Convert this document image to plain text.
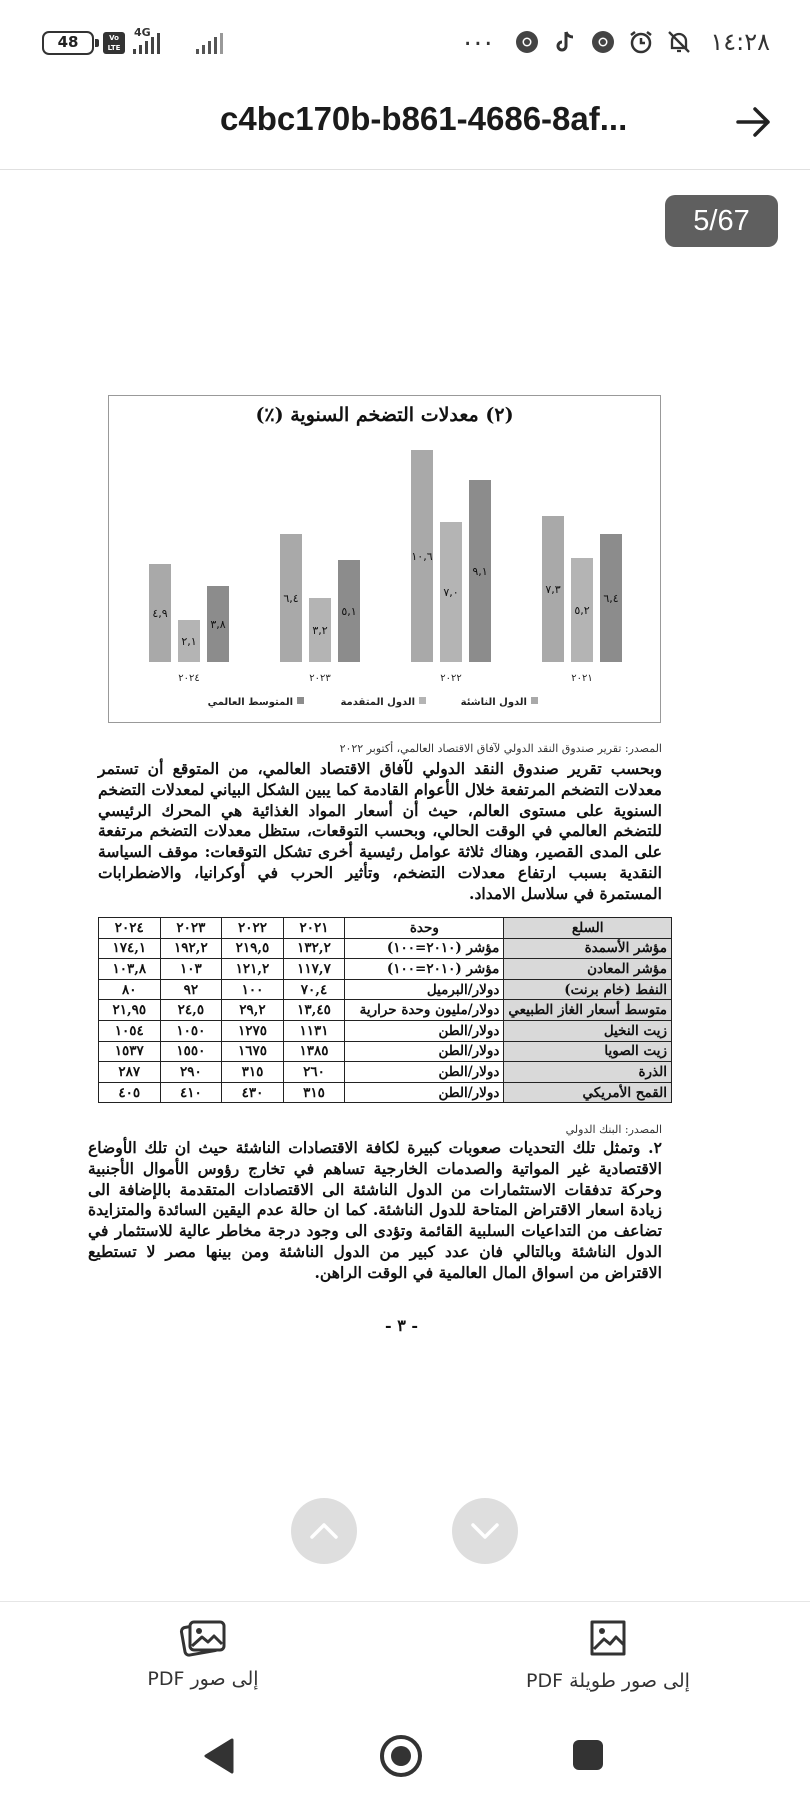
48	Vo
LTE
4G	...	١٤:٢٨
c4bc170b-b861-4686-8af...
5/67
(٢) معدلات التضخم السنوية (٪)
٤,٩
٢,١
٣,٨
٢٠٢٤
٦,٤
٣,٢
٥,١
٢٠٢٣
١٠,٦
٧,٠
٩,١
٢٠٢٢
٧,٣
٥,٢
٦,٤
٢٠٢١
الدول الناشئة
الدول المتقدمة
المتوسط العالمي
المصدر: تقرير صندوق النقد الدولي لآفاق الاقتصاد العالمي، أكتوبر ٢٠٢٢
وبحسب تقرير صندوق النقد الدولي لآفاق الاقتصاد العالمي، من المتوقع أن تستمر معدلات التضخم المرتفعة خلال الأعوام القادمة كما يبين الشكل البياني لمعدلات التضخم السنوية على مستوى العالم، حيث أن أسعار المواد الغذائية هي المحرك الرئيسي للتضخم العالمي في الوقت الحالي، وبحسب التوقعات، ستظل معدلات التضخم مرتفعة على المدى القصير، وهناك ثلاثة عوامل رئيسية أخرى تشكل التوقعات: موقف السياسة النقدية بسبب ارتفاع معدلات التضخم، وتأثير الحرب في أوكرانيا، والاضطرابات المستمرة في سلاسل الامداد.
السلع	وحدة	٢٠٢١	٢٠٢٢	٢٠٢٣	٢٠٢٤
مؤشر الأسمدة	مؤشر (٢٠١٠=١٠٠)	١٣٢,٢	٢١٩,٥	١٩٢,٢	١٧٤,١
مؤشر المعادن	مؤشر (٢٠١٠=١٠٠)	١١٧,٧	١٢١,٢	١٠٣	١٠٣,٨
النفط (خام برنت)	دولار/البرميل	٧٠,٤	١٠٠	٩٢	٨٠
متوسط أسعار الغاز الطبيعي	دولار/مليون وحدة حرارية	١٣,٤٥	٢٩,٢	٢٤,٥	٢١,٩٥
زيت النخيل	دولار/الطن	١١٣١	١٢٧٥	١٠٥٠	١٠٥٤
زيت الصويا	دولار/الطن	١٣٨٥	١٦٧٥	١٥٥٠	١٥٣٧
الذرة	دولار/الطن	٢٦٠	٣١٥	٢٩٠	٢٨٧
القمح الأمريكي	دولار/الطن	٣١٥	٤٣٠	٤١٠	٤٠٥
المصدر: البنك الدولي
٢. وتمثل تلك التحديات صعوبات كبيرة لكافة الاقتصادات الناشئة حيث ان تلك الأوضاع الاقتصادية غير المواتية والصدمات الخارجية تساهم في تخارج رؤوس الأموال الأجنبية وحركة تدفقات الاستثمارات من الدول الناشئة الى الاقتصادات المتقدمة بالإضافة الى زيادة اسعار الاقتراض المتاحة للدول الناشئة. كما ان حالة عدم اليقين السائدة والمتزايدة تضاعف من التداعيات السلبية القائمة وتؤدى الى وجود درجة مخاطر عالية للاستثمار في الدول الناشئة وبالتالي فان عدد كبير من الدول الناشئة ومن بينها مصر لا تستطيع الاقتراض من اسواق المال العالمية في الوقت الراهن.
- ٣ -
إلى صور PDF	إلى صور طويلة PDF
